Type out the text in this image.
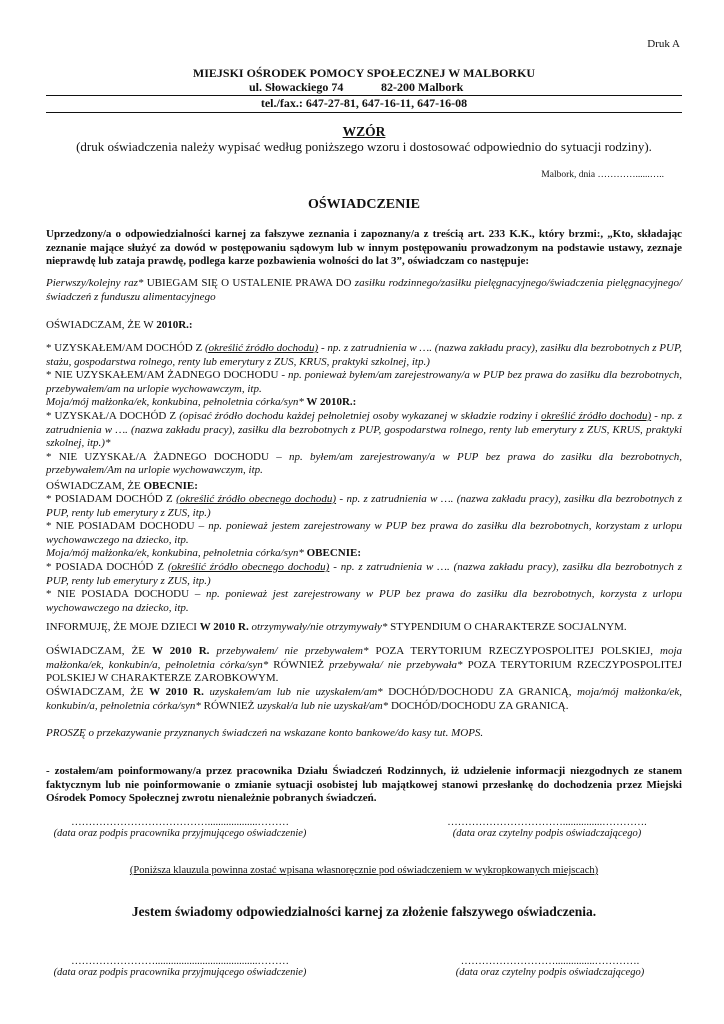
Druk A
MIEJSKI OŚRODEK POMOCY SPOŁECZNEJ W MALBORKU
ul. Słowackiego 74	82-200 Malbork
tel./fax.: 647-27-81, 647-16-11, 647-16-08
WZÓR
(druk oświadczenia należy wypisać według poniższego wzoru i dostosować odpowiednio do sytuacji rodziny).
Malbork, dnia …………......…..
OŚWIADCZENIE
Uprzedzony/a o odpowiedzialności karnej za fałszywe zeznania i zapoznany/a z treścią art. 233 K.K., który brzmi:, „Kto, składając zeznanie mające służyć za dowód w postępowaniu sądowym lub w innym postępowaniu prowadzonym na podstawie ustawy, zeznaje nieprawdę lub zataja prawdę, podlega karze pozbawienia wolności do lat 3”, oświadczam co następuje:
Pierwszy/kolejny raz* UBIEGAM SIĘ O USTALENIE PRAWA DO zasiłku rodzinnego/zasiłku pielęgnacyjnego/świadczenia pielęgnacyjnego/świadczeń z funduszu alimentacyjnego
OŚWIADCZAM, ŻE W 2010R.:
* UZYSKAŁEM/AM DOCHÓD Z (określić źródło dochodu) - np. z zatrudnienia w …. (nazwa zakładu pracy), zasiłku dla bezrobotnych z PUP, stażu, gospodarstwa rolnego, renty lub emerytury z ZUS, KRUS, praktyki szkolnej, itp.)
* NIE UZYSKAŁEM/AM ŻADNEGO DOCHODU - np. ponieważ byłem/am zarejestrowany/a w PUP bez prawa do zasiłku dla bezrobotnych, przebywałem/am na urlopie wychowawczym, itp.
Moja/mój małżonka/ek, konkubina, pełnoletnia córka/syn* W 2010R.:
* UZYSKAŁ/A DOCHÓD Z (opisać źródło dochodu każdej pełnoletniej osoby wykazanej w składzie rodziny i określić źródło dochodu) - np. z zatrudnienia w …. (nazwa zakładu pracy), zasiłku dla bezrobotnych z PUP, gospodarstwa rolnego, renty lub emerytury z ZUS, KRUS, praktyki szkolnej, itp.)*
* NIE UZYSKAŁ/A ŻADNEGO DOCHODU – np. byłem/am zarejestrowany/a w PUP bez prawa do zasiłku dla bezrobotnych, przebywałem/Am na urlopie wychowawczym, itp.
OŚWIADCZAM, ŻE OBECNIE:
* POSIADAM DOCHÓD Z (określić źródło obecnego dochodu) - np. z zatrudnienia w …. (nazwa zakładu pracy), zasiłku dla bezrobotnych z PUP, renty lub emerytury z ZUS, itp.)
* NIE POSIADAM DOCHODU – np. ponieważ jestem zarejestrowany w PUP bez prawa do zasiłku dla bezrobotnych, korzystam z urlopu wychowawczego na dziecko, itp.
Moja/mój małżonka/ek, konkubina, pełnoletnia córka/syn* OBECNIE:
* POSIADA DOCHÓD Z (określić źródło obecnego dochodu) - np. z zatrudnienia w …. (nazwa zakładu pracy), zasiłku dla bezrobotnych z PUP, renty lub emerytury z ZUS, itp.)
* NIE POSIADA DOCHODU – np. ponieważ jest zarejestrowany w PUP bez prawa do zasiłku dla bezrobotnych, korzysta z urlopu wychowawczego na dziecko, itp.
INFORMUJĘ, ŻE MOJE DZIECI W 2010 R. otrzymywały/nie otrzymywały* STYPENDIUM O CHARAKTERZE SOCJALNYM.
OŚWIADCZAM, ŻE W 2010 R. przebywałem/ nie przebywałem* POZA TERYTORIUM RZECZYPOSPOLITEJ POLSKIEJ, moja małżonka/ek, konkubin/a, pełnoletnia córka/syn* RÓWNIEŻ przebywała/ nie przebywała* POZA TERYTORIUM RZECZYPOSPOLITEJ POLSKIEJ W CHARAKTERZE ZAROBKOWYM.
OŚWIADCZAM, ŻE W 2010 R. uzyskałem/am lub nie uzyskałem/am* DOCHÓD/DOCHODU ZA GRANICĄ, moja/mój małżonka/ek, konkubin/a, pełnoletnia córka/syn* RÓWNIEŻ uzyskał/a lub nie uzyskał/am* DOCHÓD/DOCHODU ZA GRANICĄ.
PROSZĘ o przekazywanie przyznanych świadczeń na wskazane konto bankowe/do kasy tut. MOPS.
- zostałem/am poinformowany/a przez pracownika Działu Świadczeń Rodzinnych, iż udzielenie informacji niezgodnych ze stanem faktycznym lub nie poinformowanie o zmianie sytuacji osobistej lub majątkowej stanowi przesłankę do dochodzenia przez Miejski Ośrodek Pomocy Społecznej zwrotu nienależnie pobranych świadczeń.
…………………………………...................………
(data oraz podpis pracownika przyjmującego oświadczenie)
……………………………...............………….
(data oraz czytelny podpis oświadczającego)
(Poniższa klauzula powinna zostać wpisana własnoręcznie pod oświadczeniem w wykropkowanych miejscach)
Jestem świadomy odpowiedzialności karnej za złożenie fałszywego oświadczenia.
…………………….......................................………
(data oraz podpis pracownika przyjmującego oświadczenie)
………………………...............………….
(data oraz czytelny podpis oświadczającego)
